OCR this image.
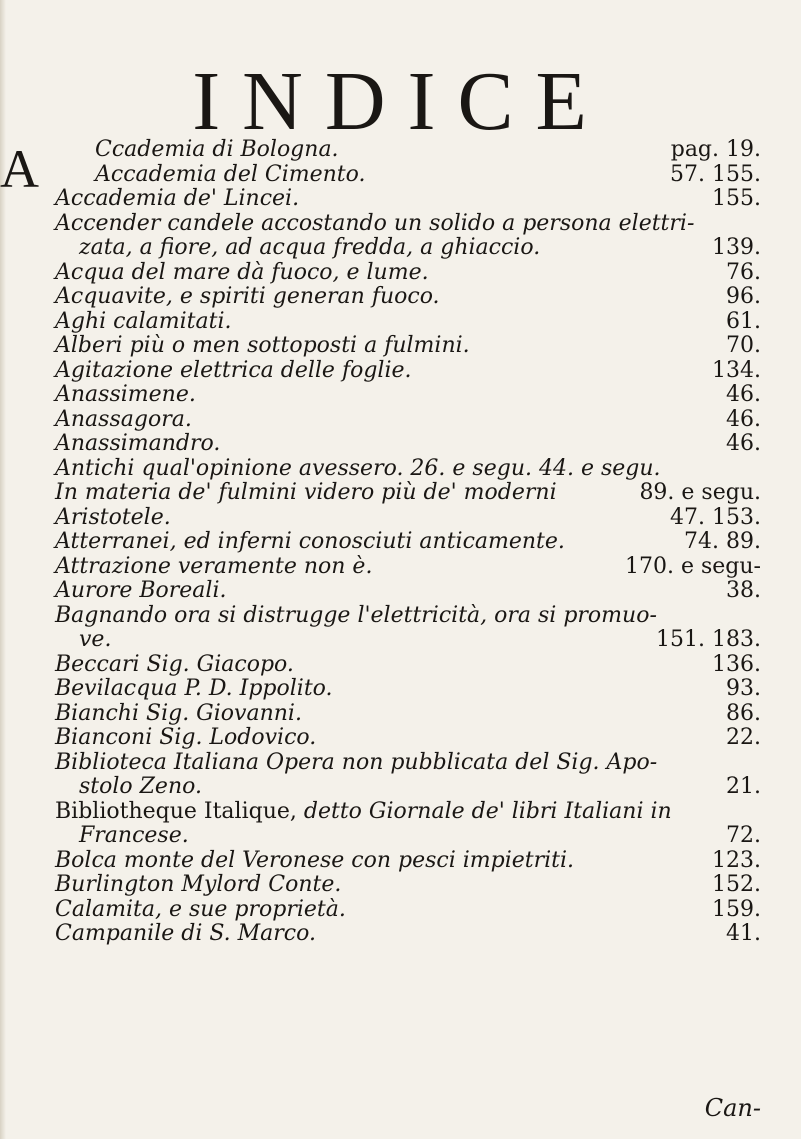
INDICE
A	Ccademia di Bologna.	pag. 19.
Accademia del Cimento.	57. 155.
Accademia de' Lincei.	155.
Accender candele accostando un solido a persona elettri-
zata, a fiore, ad acqua fredda, a ghiaccio.	139.
Acqua del mare dà fuoco, e lume.	76.
Acquavite, e spiriti generan fuoco.	96.
Aghi calamitati.	61.
Alberi più o men sottoposti a fulmini.	70.
Agitazione elettrica delle foglie.	134.
Anassimene.	46.
Anassagora.	46.
Anassimandro.	46.
Antichi qual'opinione avessero. 26. e segu. 44. e segu.
In materia de' fulmini videro più de' moderni	89. e segu.
Aristotele.	47. 153.
Atterranei, ed inferni conosciuti anticamente.	74. 89.
Attrazione veramente non è.	170. e segu-
Aurore Boreali.	38.
Bagnando ora si distrugge l'elettricità, ora si promuo-
ve.	151. 183.
Beccari Sig. Giacopo.	136.
Bevilacqua P. D. Ippolito.	93.
Bianchi Sig. Giovanni.	86.
Bianconi Sig. Lodovico.	22.
Biblioteca Italiana Opera non pubblicata del Sig. Apo-
stolo Zeno.	21.
Bibliotheque Italique, detto Giornale de' libri Italiani in
Francese.	72.
Bolca monte del Veronese con pesci impietriti.	123.
Burlington Mylord Conte.	152.
Calamita, e sue proprietà.	159.
Campanile di S. Marco.	41.
Can-
